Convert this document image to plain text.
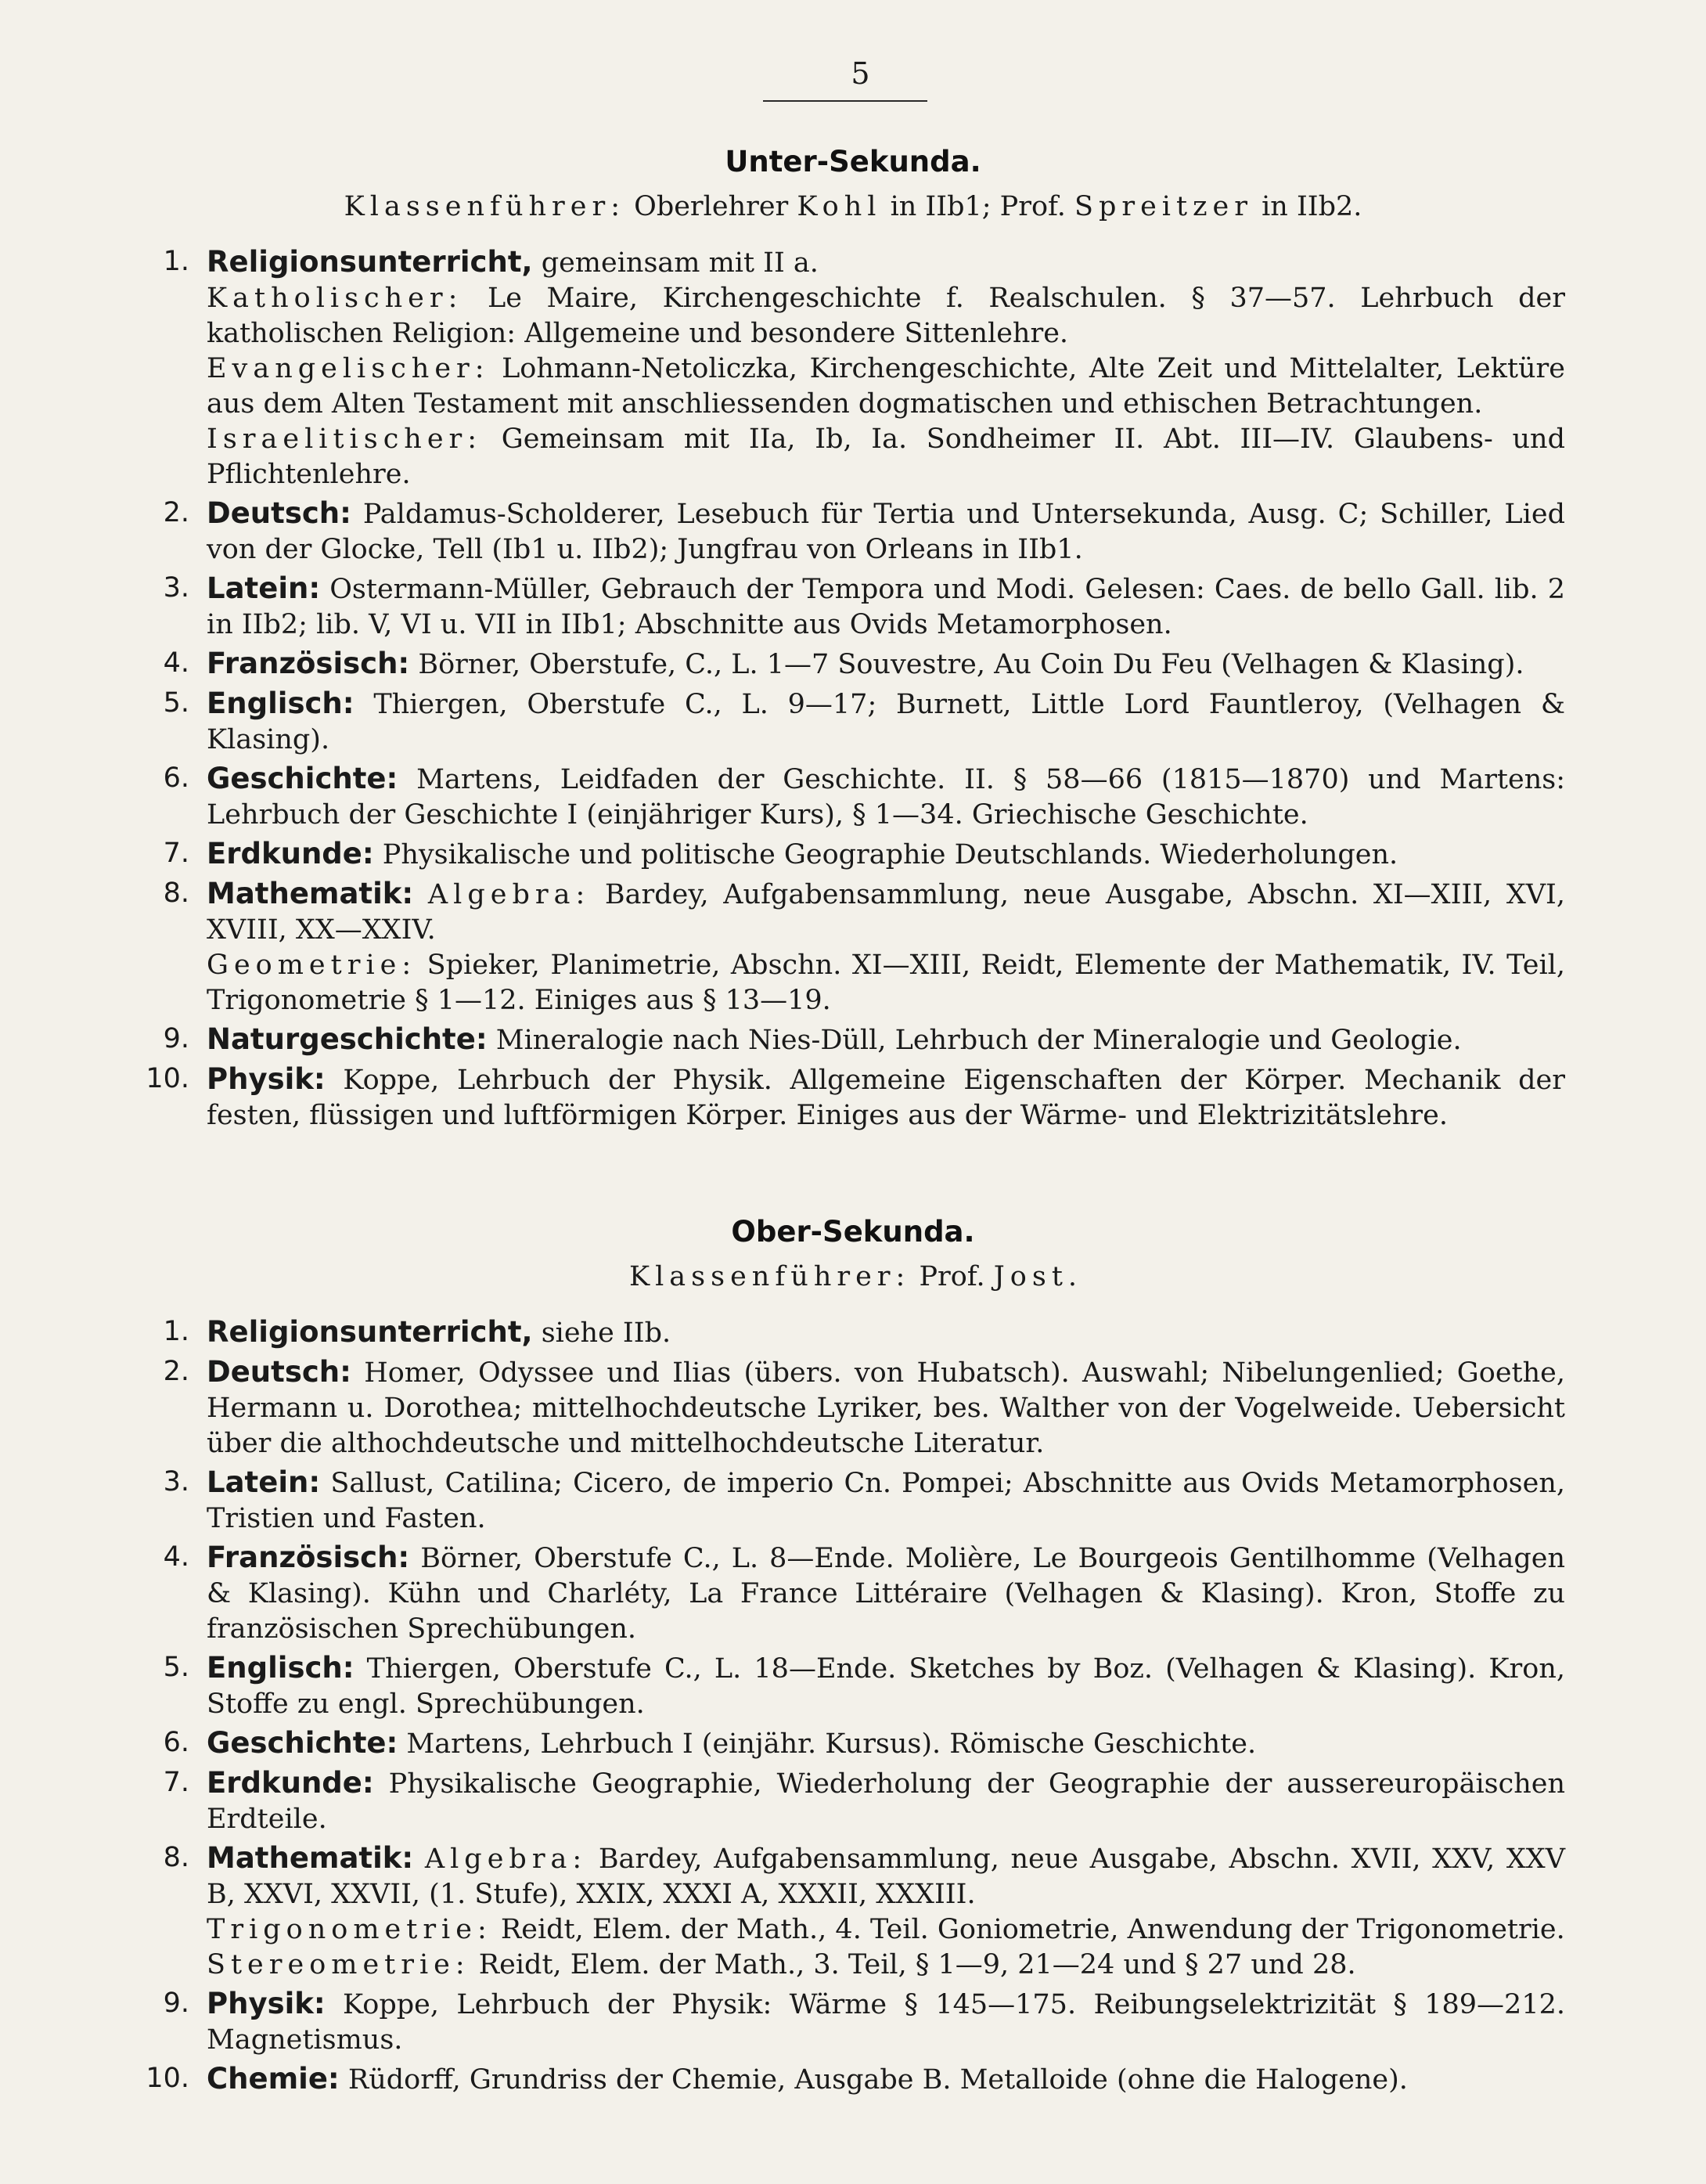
5
Unter-Sekunda.
Klassenführer: Oberlehrer Kohl in IIb1; Prof. Spreitzer in IIb2.
1. Religionsunterricht, gemeinsam mit II a.
Katholischer: Le Maire, Kirchengeschichte f. Realschulen. § 37—57. Lehrbuch der katholischen Religion: Allgemeine und besondere Sittenlehre.
Evangelischer: Lohmann-Netoliczka, Kirchengeschichte, Alte Zeit und Mittelalter, Lektüre aus dem Alten Testament mit anschliessenden dogmatischen und ethischen Betrachtungen.
Israelitischer: Gemeinsam mit IIa, Ib, Ia. Sondheimer II. Abt. III—IV. Glaubens- und Pflichtenlehre.
2. Deutsch: Paldamus-Scholderer, Lesebuch für Tertia und Untersekunda, Ausg. C; Schiller, Lied von der Glocke, Tell (Ib1 u. IIb2); Jungfrau von Orleans in IIb1.
3. Latein: Ostermann-Müller, Gebrauch der Tempora und Modi. Gelesen: Caes. de bello Gall. lib. 2 in IIb2; lib. V, VI u. VII in IIb1; Abschnitte aus Ovids Metamorphosen.
4. Französisch: Börner, Oberstufe, C., L. 1—7 Souvestre, Au Coin Du Feu (Velhagen & Klasing).
5. Englisch: Thiergen, Oberstufe C., L. 9—17; Burnett, Little Lord Fauntleroy, (Velhagen & Klasing).
6. Geschichte: Martens, Leidfaden der Geschichte. II. § 58—66 (1815—1870) und Martens: Lehrbuch der Geschichte I (einjähriger Kurs), § 1—34. Griechische Geschichte.
7. Erdkunde: Physikalische und politische Geographie Deutschlands. Wiederholungen.
8. Mathematik: Algebra: Bardey, Aufgabensammlung, neue Ausgabe, Abschn. XI—XIII, XVI, XVIII, XX—XXIV.
Geometrie: Spieker, Planimetrie, Abschn. XI—XIII, Reidt, Elemente der Mathematik, IV. Teil, Trigonometrie § 1—12. Einiges aus § 13—19.
9. Naturgeschichte: Mineralogie nach Nies-Düll, Lehrbuch der Mineralogie und Geologie.
10. Physik: Koppe, Lehrbuch der Physik. Allgemeine Eigenschaften der Körper. Mechanik der festen, flüssigen und luftförmigen Körper. Einiges aus der Wärme- und Elektrizitätslehre.
Ober-Sekunda.
Klassenführer: Prof. Jost.
1. Religionsunterricht, siehe IIb.
2. Deutsch: Homer, Odyssee und Ilias (übers. von Hubatsch). Auswahl; Nibelungenlied; Goethe, Hermann u. Dorothea; mittelhochdeutsche Lyriker, bes. Walther von der Vogelweide. Uebersicht über die althochdeutsche und mittelhochdeutsche Literatur.
3. Latein: Sallust, Catilina; Cicero, de imperio Cn. Pompei; Abschnitte aus Ovids Metamorphosen, Tristien und Fasten.
4. Französisch: Börner, Oberstufe C., L. 8—Ende. Molière, Le Bourgeois Gentilhomme (Velhagen & Klasing). Kühn und Charléty, La France Littéraire (Velhagen & Klasing). Kron, Stoffe zu französischen Sprechübungen.
5. Englisch: Thiergen, Oberstufe C., L. 18—Ende. Sketches by Boz. (Velhagen & Klasing). Kron, Stoffe zu engl. Sprechübungen.
6. Geschichte: Martens, Lehrbuch I (einjähr. Kursus). Römische Geschichte.
7. Erdkunde: Physikalische Geographie, Wiederholung der Geographie der aussereuropäischen Erdteile.
8. Mathematik: Algebra: Bardey, Aufgabensammlung, neue Ausgabe, Abschn. XVII, XXV, XXV B, XXVI, XXVII, (1. Stufe), XXIX, XXXI A, XXXII, XXXIII.
Trigonometrie: Reidt, Elem. der Math., 4. Teil. Goniometrie, Anwendung der Trigonometrie.
Stereometrie: Reidt, Elem. der Math., 3. Teil, § 1—9, 21—24 und § 27 und 28.
9. Physik: Koppe, Lehrbuch der Physik: Wärme § 145—175. Reibungselektrizität § 189—212. Magnetismus.
10. Chemie: Rüdorff, Grundriss der Chemie, Ausgabe B. Metalloide (ohne die Halogene).
